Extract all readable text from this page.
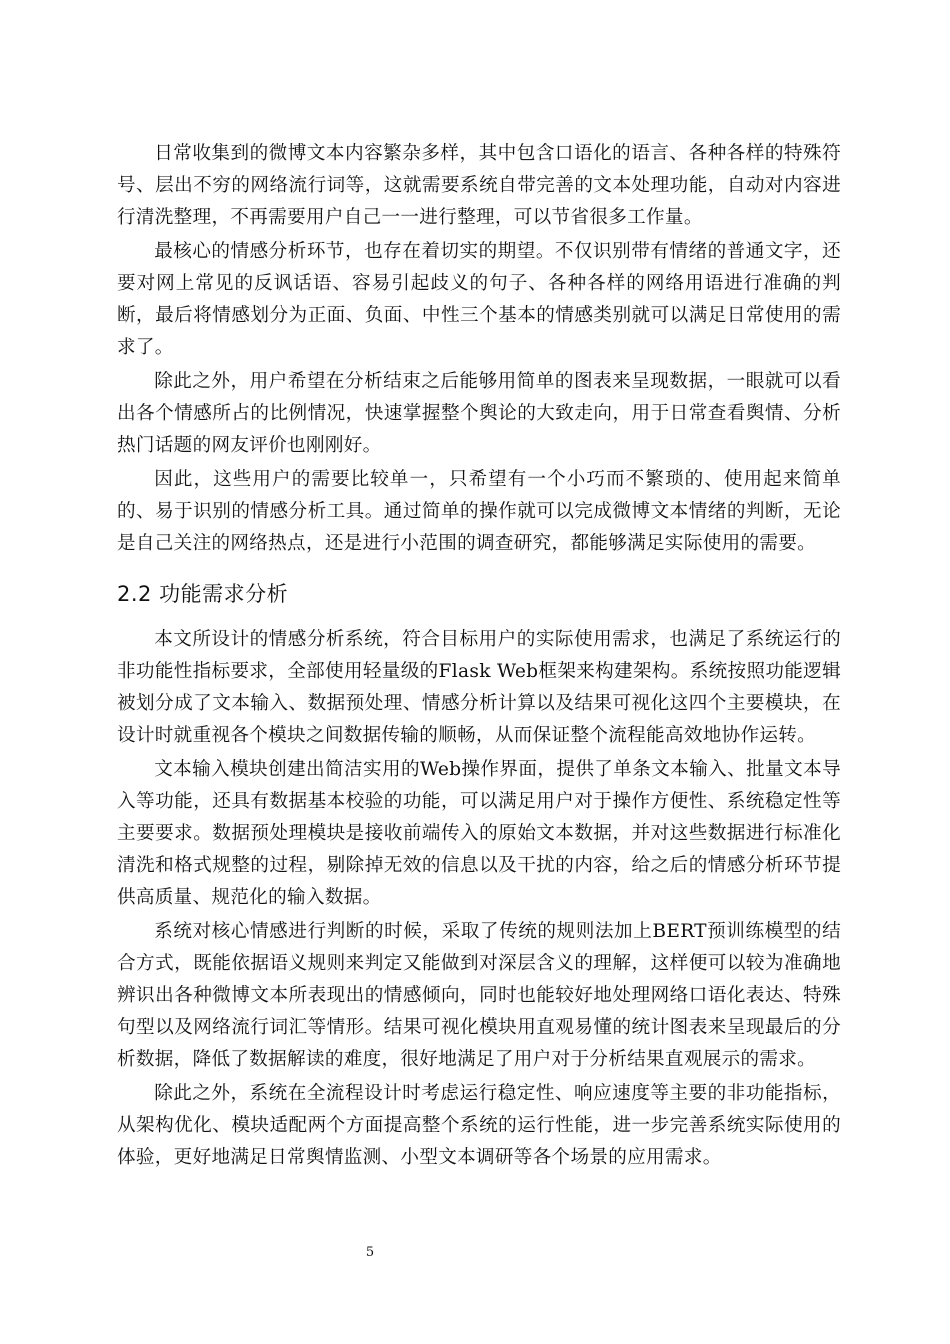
日常收集到的微博文本内容繁杂多样，其中包含口语化的语言、各种各样的特殊符号、层出不穷的网络流行词等，这就需要系统自带完善的文本处理功能，自动对内容进行清洗整理，不再需要用户自己一一进行整理，可以节省很多工作量。

最核心的情感分析环节，也存在着切实的期望。不仅识别带有情绪的普通文字，还要对网上常见的反讽话语、容易引起歧义的句子、各种各样的网络用语进行准确的判断，最后将情感划分为正面、负面、中性三个基本的情感类别就可以满足日常使用的需求了。

除此之外，用户希望在分析结束之后能够用简单的图表来呈现数据，一眼就可以看出各个情感所占的比例情况，快速掌握整个舆论的大致走向，用于日常查看舆情、分析热门话题的网友评价也刚刚好。

因此，这些用户的需要比较单一，只希望有一个小巧而不繁琐的、使用起来简单的、易于识别的情感分析工具。通过简单的操作就可以完成微博文本情绪的判断，无论是自己关注的网络热点，还是进行小范围的调查研究，都能够满足实际使用的需要。

2.2 功能需求分析

本文所设计的情感分析系统，符合目标用户的实际使用需求，也满足了系统运行的非功能性指标要求，全部使用轻量级的Flask Web框架来构建架构。系统按照功能逻辑被划分成了文本输入、数据预处理、情感分析计算以及结果可视化这四个主要模块，在设计时就重视各个模块之间数据传输的顺畅，从而保证整个流程能高效地协作运转。

文本输入模块创建出简洁实用的Web操作界面，提供了单条文本输入、批量文本导入等功能，还具有数据基本校验的功能，可以满足用户对于操作方便性、系统稳定性等主要要求。数据预处理模块是接收前端传入的原始文本数据，并对这些数据进行标准化清洗和格式规整的过程，剔除掉无效的信息以及干扰的内容，给之后的情感分析环节提供高质量、规范化的输入数据。

系统对核心情感进行判断的时候，采取了传统的规则法加上BERT预训练模型的结合方式，既能依据语义规则来判定又能做到对深层含义的理解，这样便可以较为准确地辨识出各种微博文本所表现出的情感倾向，同时也能较好地处理网络口语化表达、特殊句型以及网络流行词汇等情形。结果可视化模块用直观易懂的统计图表来呈现最后的分析数据，降低了数据解读的难度，很好地满足了用户对于分析结果直观展示的需求。

除此之外，系统在全流程设计时考虑运行稳定性、响应速度等主要的非功能指标，从架构优化、模块适配两个方面提高整个系统的运行性能，进一步完善系统实际使用的体验，更好地满足日常舆情监测、小型文本调研等各个场景的应用需求。

5
